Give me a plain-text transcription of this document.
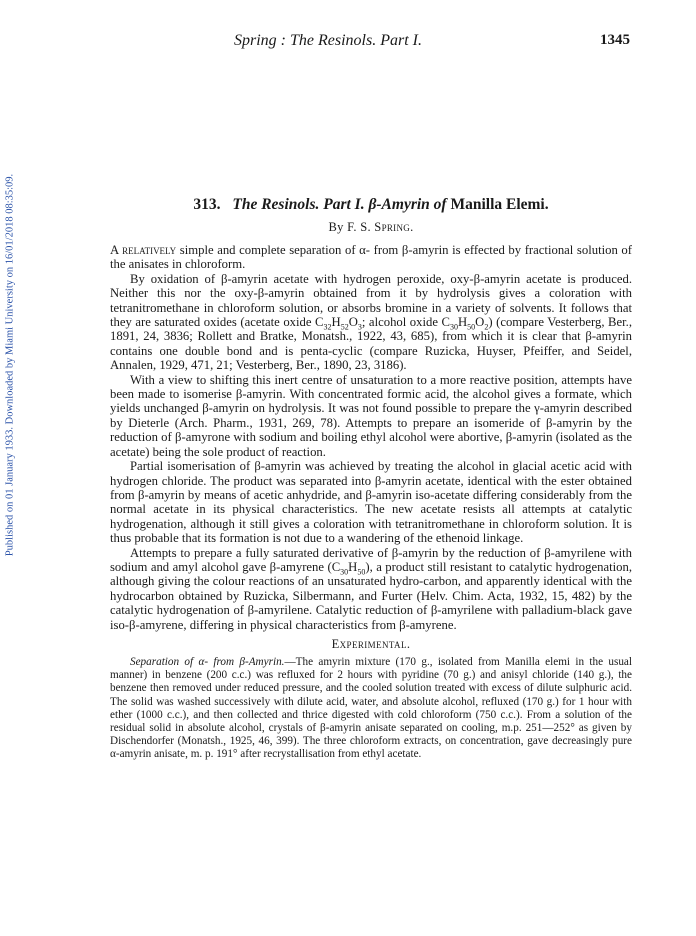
Published on 01 January 1933. Downloaded by Miami University on 16/01/2018 08:35:09.
Spring : The Resinols. Part I.	1345
313. The Resinols. Part I. β-Amyrin of Manilla Elemi.
By F. S. Spring.

A relatively simple and complete separation of α- from β-amyrin is effected by fractional solution of the anisates in chloroform.

By oxidation of β-amyrin acetate with hydrogen peroxide, oxy-β-amyrin acetate is produced. Neither this nor the oxy-β-amyrin obtained from it by hydrolysis gives a coloration with tetranitromethane in chloroform solution, or absorbs bromine in a variety of solvents. It follows that they are saturated oxides (acetate oxide $C_{32}H_{52}O_3$; alcohol oxide $C_{30}H_{50}O_2$) (compare Vesterberg, Ber., 1891, 24, 3836; Rollett and Bratke, Monatsh., 1922, 43, 685), from which it is clear that β-amyrin contains one double bond and is penta-cyclic (compare Ruzicka, Huyser, Pfeiffer, and Seidel, Annalen, 1929, 471, 21; Vesterberg, Ber., 1890, 23, 3186).

With a view to shifting this inert centre of unsaturation to a more reactive position, attempts have been made to isomerise β-amyrin. With concentrated formic acid, the alcohol gives a formate, which yields unchanged β-amyrin on hydrolysis. It was not found possible to prepare the γ-amyrin described by Dieterle (Arch. Pharm., 1931, 269, 78). Attempts to prepare an isomeride of β-amyrin by the reduction of β-amyrone with sodium and boiling ethyl alcohol were abortive, β-amyrin (isolated as the acetate) being the sole product of reaction.

Partial isomerisation of β-amyrin was achieved by treating the alcohol in glacial acetic acid with hydrogen chloride. The product was separated into β-amyrin acetate, identical with the ester obtained from β-amyrin by means of acetic anhydride, and β-amyrin iso-acetate differing considerably from the normal acetate in its physical characteristics. The new acetate resists all attempts at catalytic hydrogenation, although it still gives a coloration with tetranitromethane in chloroform solution. It is thus probable that its formation is not due to a wandering of the ethenoid linkage.

Attempts to prepare a fully saturated derivative of β-amyrin by the reduction of β-amyrilene with sodium and amyl alcohol gave β-amyrene $(C_{30}H_{50})$, a product still resistant to catalytic hydrogenation, although giving the colour reactions of an unsaturated hydro-carbon, and apparently identical with the hydrocarbon obtained by Ruzicka, Silbermann, and Furter (Helv. Chim. Acta, 1932, 15, 482) by the catalytic hydrogenation of β-amyrilene. Catalytic reduction of β-amyrilene with palladium-black gave iso-β-amyrene, differing in physical characteristics from β-amyrene.

Experimental.

Separation of α- from β-Amyrin.—The amyrin mixture (170 g., isolated from Manilla elemi in the usual manner) in benzene (200 c.c.) was refluxed for 2 hours with pyridine (70 g.) and anisyl chloride (140 g.), the benzene then removed under reduced pressure, and the cooled solution treated with excess of dilute sulphuric acid. The solid was washed successively with dilute acid, water, and absolute alcohol, refluxed (170 g.) for 1 hour with ether (1000 c.c.), and then collected and thrice digested with cold chloroform (750 c.c.). From a solution of the residual solid in absolute alcohol, crystals of β-amyrin anisate separated on cooling, m.p. 251—252° as given by Dischendorfer (Monatsh., 1925, 46, 399). The three chloroform extracts, on concentration, gave decreasingly pure α-amyrin anisate, m. p. 191° after recrystallisation from ethyl acetate.
